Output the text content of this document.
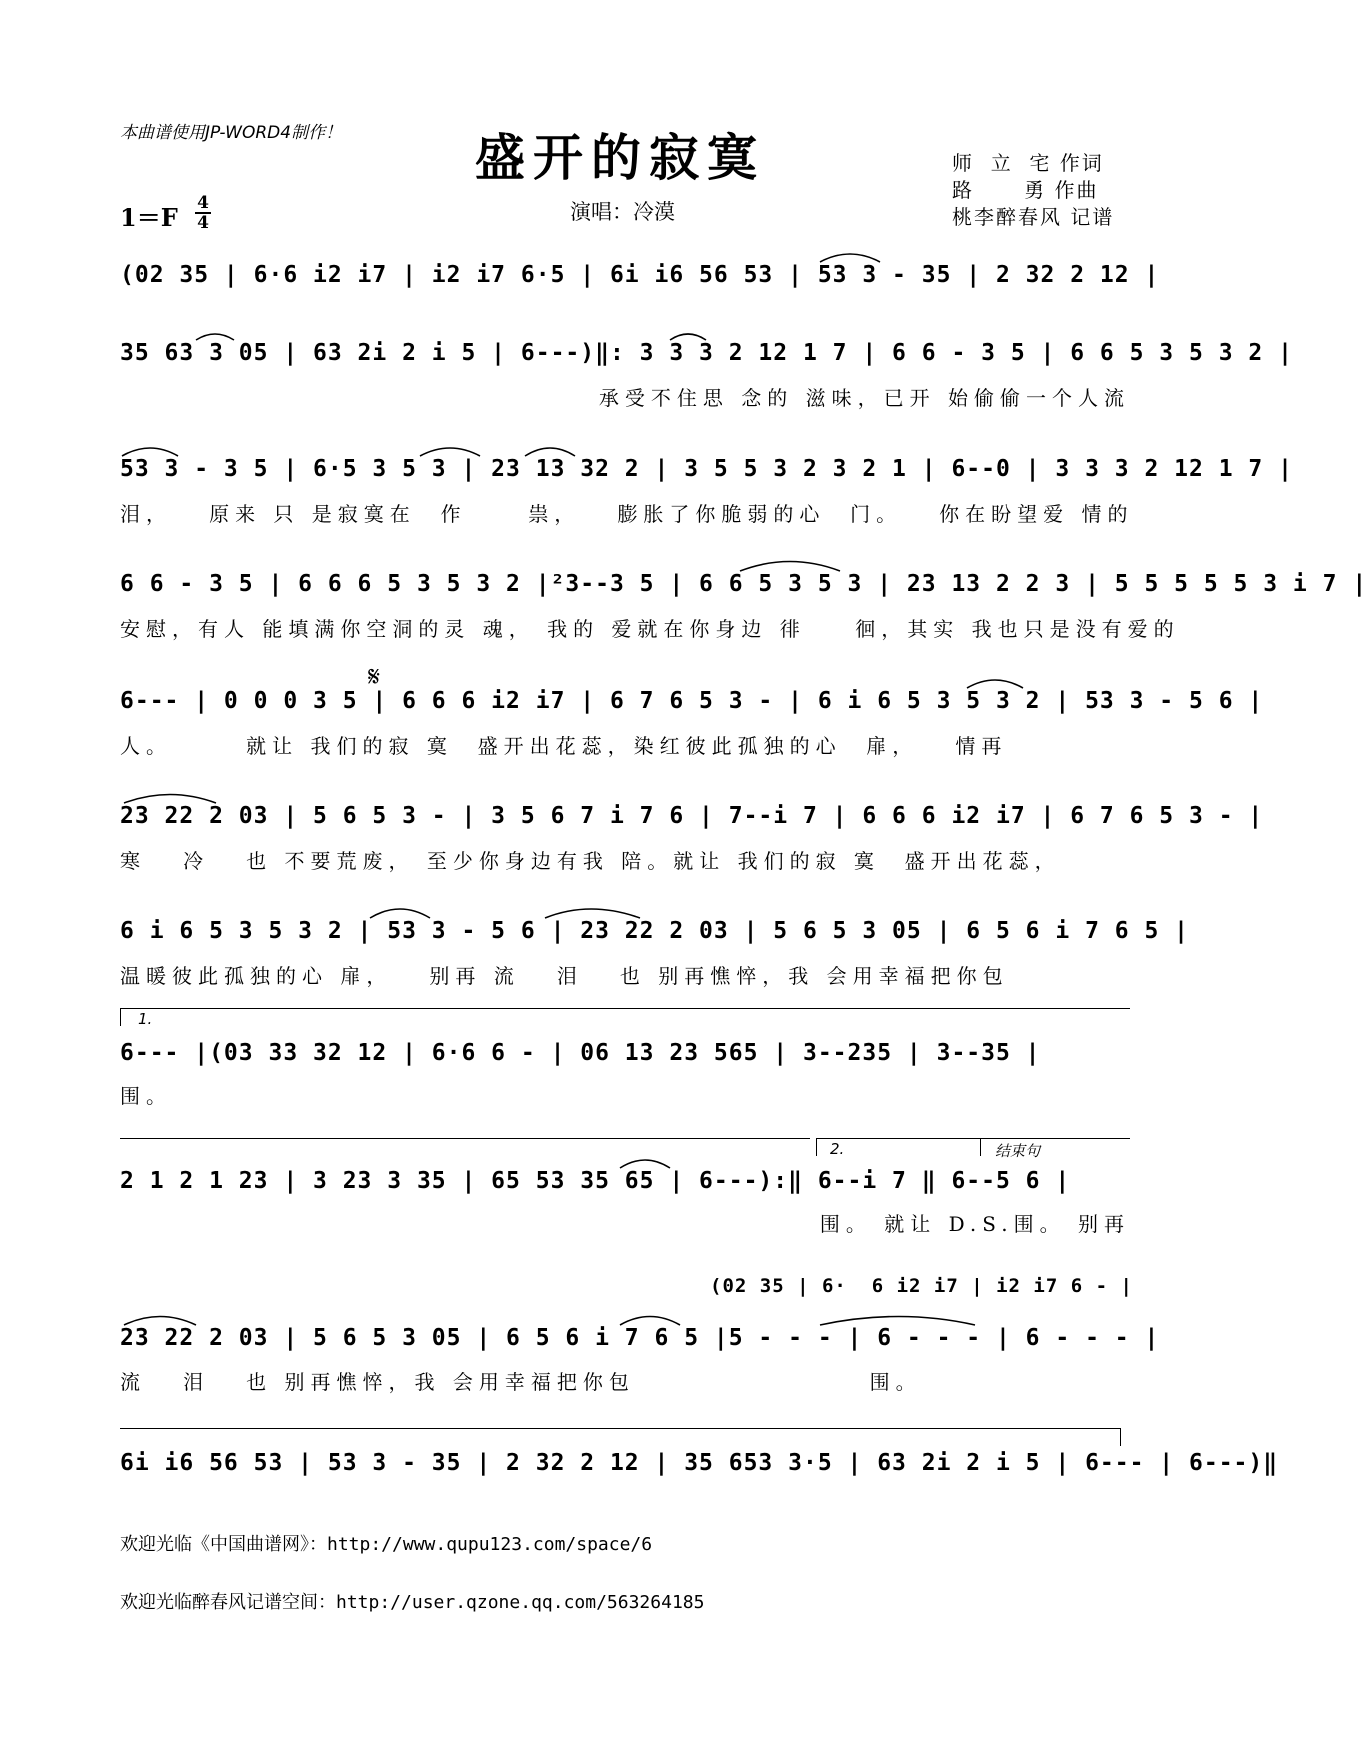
本曲谱使用JP-WORD4制作！	盛开的寂寞	师  立  宅 作词
路      勇 作曲
桃李醉春风 记谱
1＝F 4
4	演唱：冷漠
(02 35 | 6·6 i2 i7 | i2 i7 6·5 | 6i i6 56 53 | 53 3 - 35 | 2 32 2 12 |
35 63 3 05 | 63 2i 2 i 5 | 6---)‖: 3 3 3 2 12 1 7 | 6 6 - 3 5 | 6 6 5 3 5 3 2 |
承受不住思 念的 滋味，已开 始偷偷一个人流
53 3 - 3 5 | 6·5 3 5 3 | 23 13 32 2 | 3 5 5 3 2 3 2 1 | 6--0 | 3 3 3 2 12 1 7 |
泪，   原来 只 是寂寞在  作     祟，   膨胀了你脆弱的心  门。   你在盼望爱 情的
6 6 - 3 5 | 6 6 6 5 3 5 3 2 |²3--3 5 | 6 6 5 3 5 3 | 23 13 2 2 3 | 5 5 5 5 5 3 i 7 |
安慰，有人 能填满你空洞的灵 魂， 我的 爱就在你身边 徘    徊，其实 我也只是没有爱的
𝄋
6--- | 0 0 0 3 5 | 6 6 6 i2 i7 | 6 7 6 5 3 - | 6 i 6 5 3 5 3 2 | 53 3 - 5 6 |
人。      就让 我们的寂 寞  盛开出花蕊，染红彼此孤独的心  扉，   情再
23 22 2 03 | 5 6 5 3 - | 3 5 6 7 i 7 6 | 7--i 7 | 6 6 6 i2 i7 | 6 7 6 5 3 - |
寒   冷   也 不要荒废， 至少你身边有我 陪。就让 我们的寂 寞  盛开出花蕊，
6 i 6 5 3 5 3 2 | 53 3 - 5 6 | 23 22 2 03 | 5 6 5 3 05 | 6 5 6 i 7 6 5 |
温暖彼此孤独的心 扉，   别再 流   泪   也 别再憔悴，我 会用幸福把你包
1.
6--- |(03 33 32 12 | 6·6 6 - | 06 13 23 565 | 3--235 | 3--35 |
围。
2.	结束句
2 1 2 1 23 | 3 23 3 35 | 65 53 35 65 | 6---):‖ 6--i 7 ‖ 6--5 6 |
围。 就让 D.S.围。 别再
(02 35 | 6·  6 i2 i7 | i2 i7 6 - |
23 22 2 03 | 5 6 5 3 05 | 6 5 6 i 7 6 5 |5 - - - | 6 - - - | 6 - - - |
流   泪   也 别再憔悴，我 会用幸福把你包                   围。
6i i6 56 53 | 53 3 - 35 | 2 32 2 12 | 35 653 3·5 | 63 2i 2 i 5 | 6--- | 6---)‖
欢迎光临《中国曲谱网》：http://www.qupu123.com/space/6
欢迎光临醉春风记谱空间：http://user.qzone.qq.com/563264185
